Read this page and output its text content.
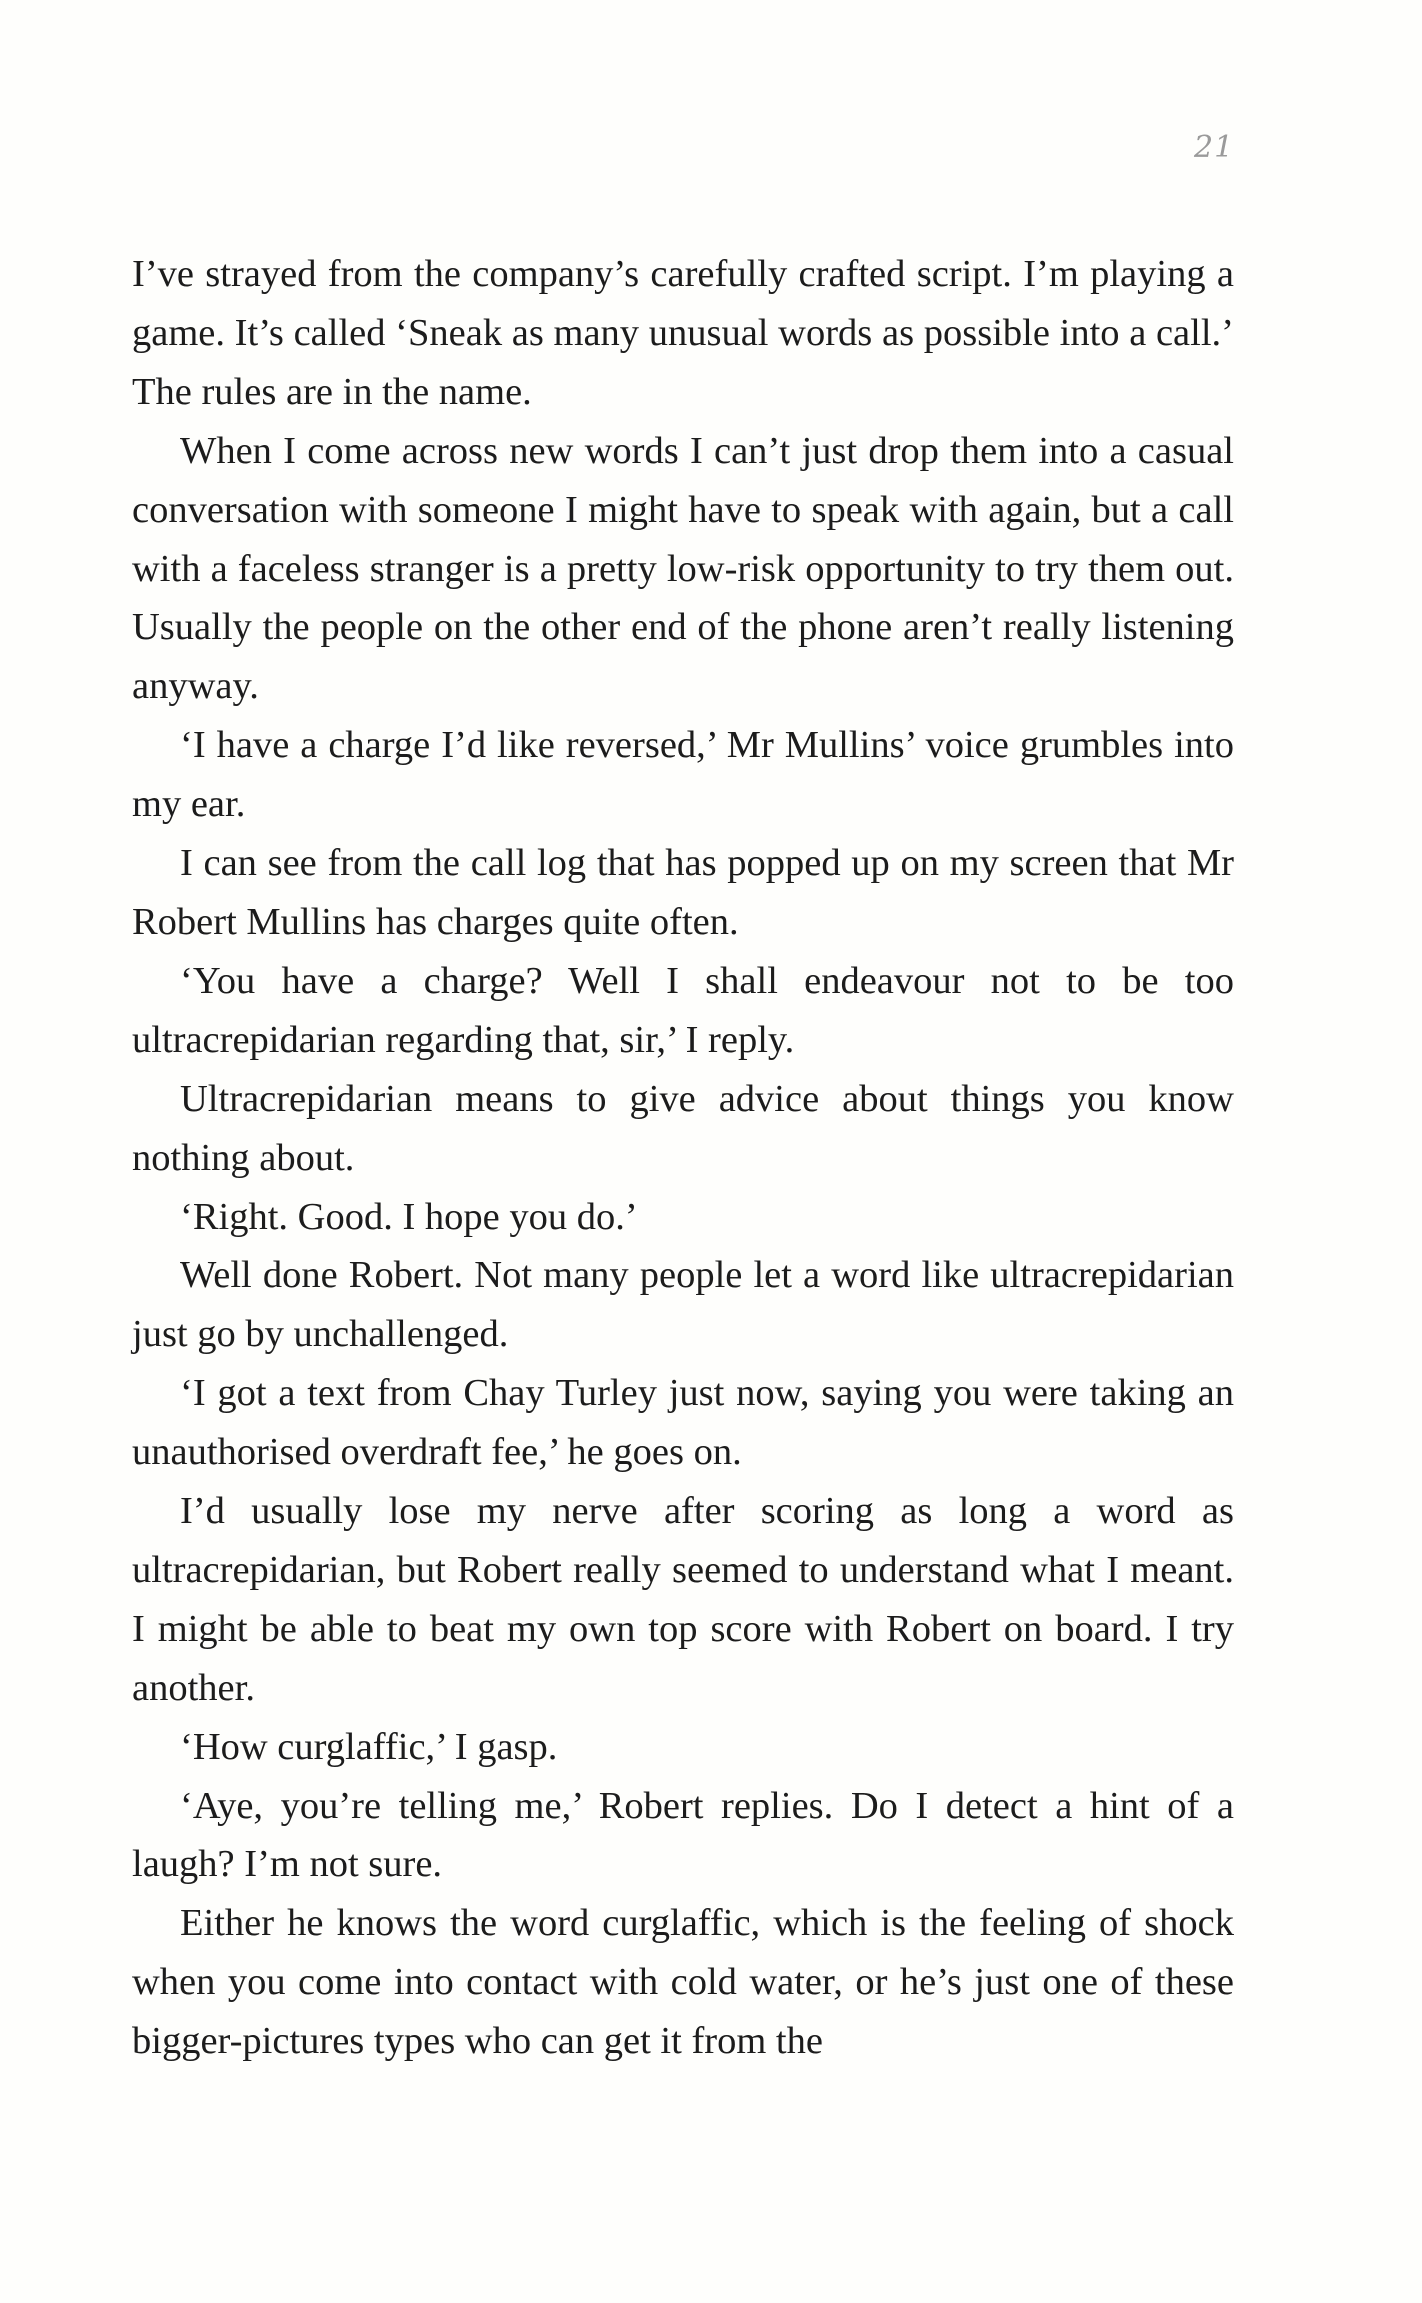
21

I’ve strayed from the company’s carefully crafted script. I’m playing a game. It’s called ‘Sneak as many unusual words as possible into a call.’ The rules are in the name.

When I come across new words I can’t just drop them into a casual conversation with someone I might have to speak with again, but a call with a faceless stranger is a pretty low-risk opportunity to try them out. Usually the people on the other end of the phone aren’t really listening anyway.

‘I have a charge I’d like reversed,’ Mr Mullins’ voice grumbles into my ear.

I can see from the call log that has popped up on my screen that Mr Robert Mullins has charges quite often.

‘You have a charge? Well I shall endeavour not to be too ultracrepidarian regarding that, sir,’ I reply.

Ultracrepidarian means to give advice about things you know nothing about.

‘Right. Good. I hope you do.’

Well done Robert. Not many people let a word like ultracrepidarian just go by unchallenged.

‘I got a text from Chay Turley just now, saying you were taking an unauthorised overdraft fee,’ he goes on.

I’d usually lose my nerve after scoring as long a word as ultracrepidarian, but Robert really seemed to understand what I meant. I might be able to beat my own top score with Robert on board. I try another.

‘How curglaffic,’ I gasp.

‘Aye, you’re telling me,’ Robert replies. Do I detect a hint of a laugh? I’m not sure.

Either he knows the word curglaffic, which is the feeling of shock when you come into contact with cold water, or he’s just one of these bigger-pictures types who can get it from the
